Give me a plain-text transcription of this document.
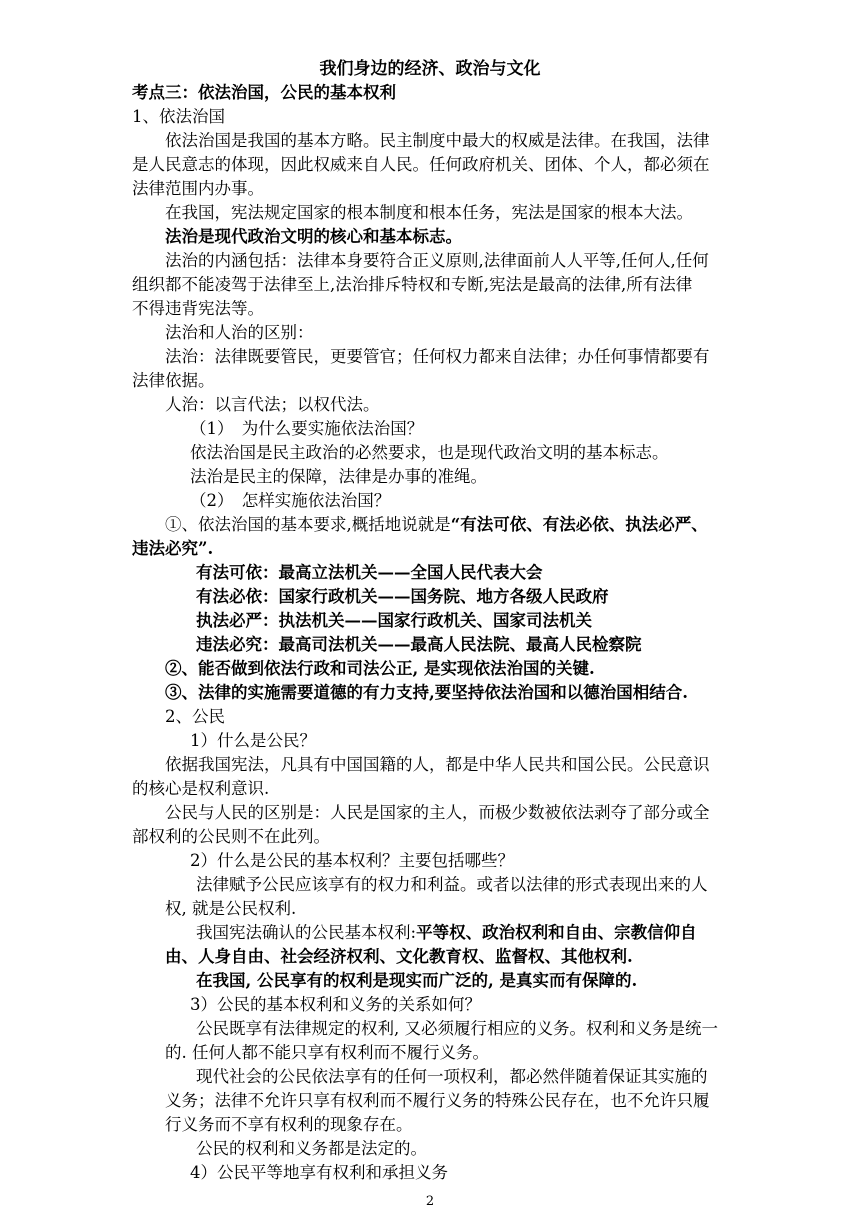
我们身边的经济、政治与文化
考点三：依法治国，公民的基本权利
1、依法治国
依法治国是我国的基本方略。民主制度中最大的权威是法律。在我国，法律
是人民意志的体现，因此权威来自人民。任何政府机关、团体、个人，都必须在
法律范围内办事。
在我国，宪法规定国家的根本制度和根本任务，宪法是国家的根本大法。
法治是现代政治文明的核心和基本标志。
法治的内涵包括：法律本身要符合正义原则,法律面前人人平等,任何人,任何
组织都不能凌驾于法律至上,法治排斥特权和专断,宪法是最高的法律,所有法律
不得违背宪法等。
法治和人治的区别：
法治：法律既要管民，更要管官；任何权力都来自法律；办任何事情都要有
法律依据。
人治：以言代法；以权代法。
（1）　为什么要实施依法治国？
依法治国是民主政治的必然要求，也是现代政治文明的基本标志。
法治是民主的保障，法律是办事的准绳。
（2）　怎样实施依法治国？
①、依法治国的基本要求,概括地说就是“有法可依、有法必依、执法必严、
违法必究”.
有法可依：最高立法机关——全国人民代表大会
有法必依：国家行政机关——国务院、地方各级人民政府
执法必严：执法机关——国家行政机关、国家司法机关
违法必究：最高司法机关——最高人民法院、最高人民检察院
②、能否做到依法行政和司法公正, 是实现依法治国的关键.
③、法律的实施需要道德的有力支持,要坚持依法治国和以德治国相结合.
2、公民
1）什么是公民？
依据我国宪法，凡具有中国国籍的人，都是中华人民共和国公民。公民意识
的核心是权利意识.
公民与人民的区别是：人民是国家的主人，而极少数被依法剥夺了部分或全
部权利的公民则不在此列。
2）什么是公民的基本权利？主要包括哪些？
法律赋予公民应该享有的权力和利益。或者以法律的形式表现出来的人
权, 就是公民权利.
我国宪法确认的公民基本权利:平等权、政治权利和自由、宗教信仰自
由、人身自由、社会经济权利、文化教育权、监督权、其他权利.
在我国, 公民享有的权利是现实而广泛的, 是真实而有保障的.
3）公民的基本权利和义务的关系如何？
公民既享有法律规定的权利, 又必须履行相应的义务。权利和义务是统一
的. 任何人都不能只享有权利而不履行义务。
现代社会的公民依法享有的任何一项权利，都必然伴随着保证其实施的
义务；法律不允许只享有权利而不履行义务的特殊公民存在，也不允许只履
行义务而不享有权利的现象存在。
公民的权利和义务都是法定的。
4）公民平等地享有权利和承担义务
2
